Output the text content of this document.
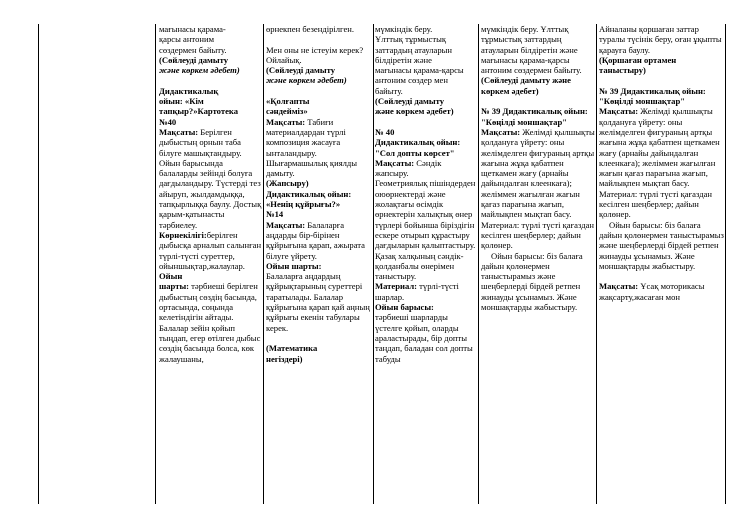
мағынасы қарама-

қарсы антоним

сөздермен байыту.

(Сөйлеуді дамыту

және көркем әдебет)

Дидактикалық

ойын: «Кім

тапқыр?»Картотека

№40

Мақсаты: Берілген дыбыстың орнын таба білуге машықтандыру. Ойын барысында балаларды зейінді болуға дағдыландыру. Түстерді тез айыруп, жылдамдыққа, тапқырлыққа баулу. Достық қарым-қатынасты тәрбиелеу.

Көрнекілігі:берілген дыбысқа арналып салынған түрлі-түсті суреттер, ойыншықтар,жалаулар.

Ойын

шарты: тәрбиеші берілген дыбыстың сөздің басында, ортасында, соңында келетіндігін айтады. Балалар зейін қойып тыңдап, егер өтілген дыбыс сөздің басында болса, көк жалаушаны,

өрнекпен безендірілген.

Мен оны не істеуім керек? Ойлайық.

(Сөйлеуді дамыту

және көркем әдебет)

«Қолғапты

сәндейміз»

Мақсаты: Табиғи материалдардан түрлі композиция жасауға ынталандыру. Шығармашылық қиялды дамыту.

(Жапсыру)

Дидактикалық ойын:

«Ненің құйрығы?»

№14

Мақсаты: Балаларға аңдарды бір-бірінен құйрығына қарап, ажырата білуге үйрету.

Ойын шарты:

Балаларға аңдардың құйрықтарының суреттері таратылады. Балалар құйрығына қарап қай аңның құйрығы екенін табулары керек.

(Математика

негіздері)

мүмкіндік беру.

Ұлттық тұрмыстық заттардың атауларын білдіретін және

мағынасы қарама-қарсы антоним сөздер мен байыту.

(Сөйлеуді дамыту

және көркем әдебет)

№ 40

Дидактикалық ойын:

"Сол допты көрсет"

Мақсаты: Сәндік жапсыру.

Геометриялық пішіндерден оюөрнектерді және жолақтағы өсімдік өрнектерін халықтық өнер түрлері бойынша біріздігін ескере отырып құрастыру дағдыларын қалыптастыру. Қазақ халқының сәндік-қолданбалы өнерімен таныстыру.

Материал: түрлі-түсті шарлар.

Ойын барысы:

тәрбиеші шарларды үстелге қойып, оларды араластырады, бір допты таңдап, баладан сол допты табуды

мүмкіндік беру. Ұлттық тұрмыстық заттардың атауларын білдіретін және мағынасы қарама-қарсы антоним сөздермен байыту.

(Сөйлеуді дамыту және

көркем әдебет)

№ 39 Дидактикалық ойын: "Көңілді моншақтар"

Мақсаты: Желімді қылшықты қолдануға үйрету: оны желімделген фигураның артқы жағына жұқа қабатпен щеткамен жағу (арнайы дайындалған клеенкаға); желіммен жағылған жағын қағаз парағына жағып, майлықпен мықтап басу.

Материал: түрлі түсті қағаздан кесілген шеңберлер; дайын қолөнер.

Ойын барысы: біз балаға дайын қолөнермен таныстырамыз және шеңберлерді бірдей ретпен жинауды ұсынамыз. Және моншақтарды жабыстыру.

Айналаны қоршаған заттар туралы түсінік беру, оған ұқыпты қарауға баулу.

(Қоршаған ортамен таныстыру)

№ 39 Дидактикалық ойын: "Көңілді моншақтар"

Мақсаты: Желімді қылшықты қолдануға үйрету: оны желімделген фигураның артқы жағына жұқа қабатпен щеткамен жағу (арнайы дайындалған клеенкаға); желіммен жағылған жағын қағаз парағына жағып, майлықпен мықтап басу.

Материал: түрлі түсті қағаздан кесілген шеңберлер; дайын қолөнер.

Ойын барысы: біз балаға дайын қолөнермен таныстырамыз және шеңберлерді бірдей ретпен жинауды ұсынамыз. Және моншақтарды жабыстыру.

Мақсаты: Ұсақ моторикасы жақсарту,жасаған мон
